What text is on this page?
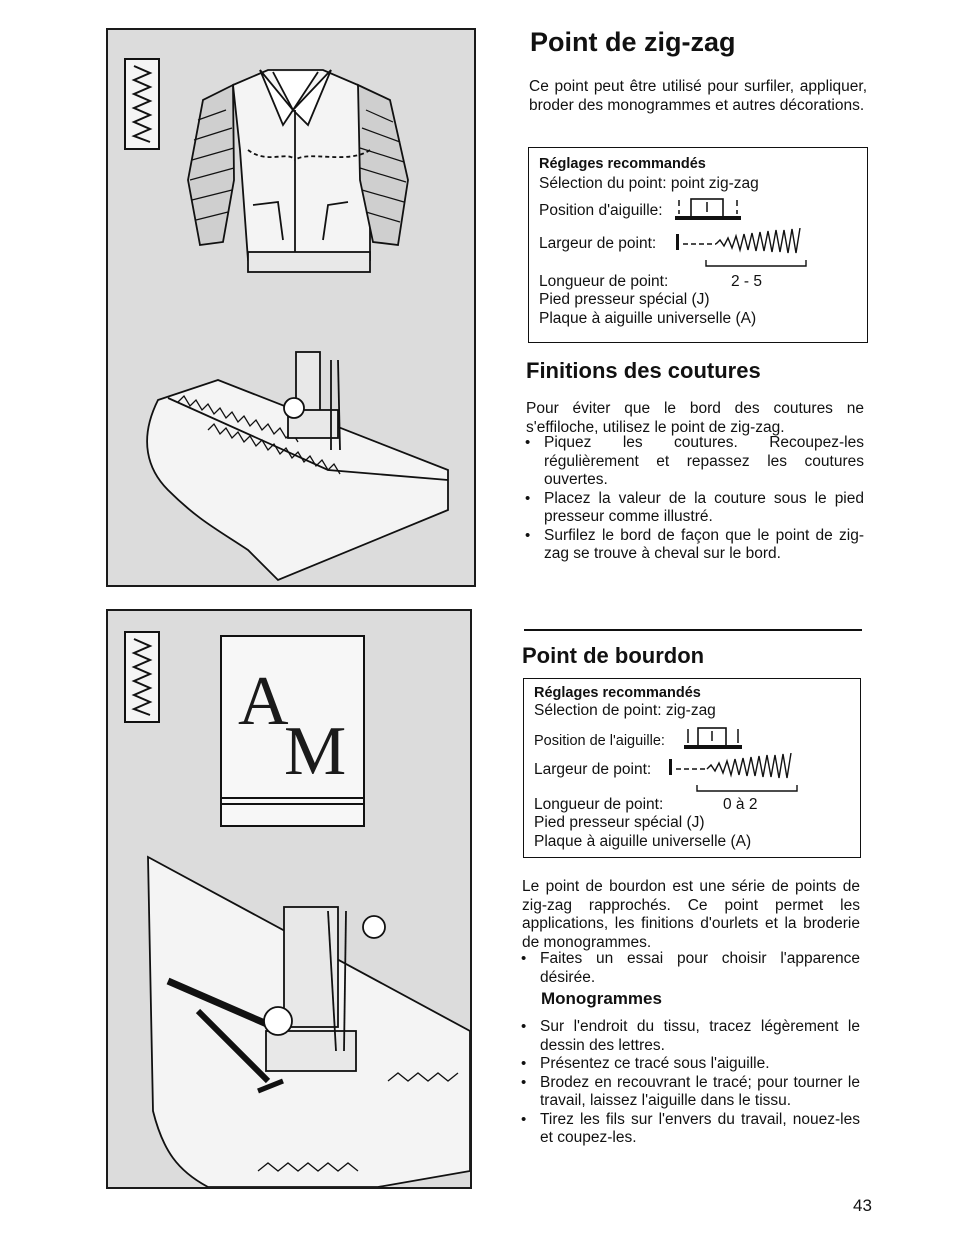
A
M
Point de zig-zag

Ce point peut être utilisé pour surfiler, appliquer, broder des monogrammes et autres décorations.

Réglages recommandés
Sélection du point: point zig-zag
Position d'aiguille:
Largeur de point:
Longueur de point:	2 - 5
Pied presseur spécial (J)
Plaque à aiguille universelle (A)
Finitions des coutures

Pour éviter que le bord des coutures ne s'effiloche, utilisez le point de zig-zag.

• Piquez les coutures. Recoupez-les régulièrement et repassez les coutures ouvertes.
• Placez la valeur de la couture sous le pied presseur comme illustré.
• Surfilez le bord de façon que le point de zig-zag se trouve à cheval sur le bord.
Point de bourdon
Réglages recommandés
Sélection de point: zig-zag
Position de l'aiguille:
Largeur de point:
Longueur de point:	0 à 2
Pied presseur spécial (J)
Plaque à aiguille universelle (A)

Le point de bourdon est une série de points de zig-zag rapprochés. Ce point permet les applications, les finitions d'ourlets et la broderie de monogrammes.

• Faites un essai pour choisir l'apparence désirée.
Monogrammes
• Sur l'endroit du tissu, tracez légèrement le dessin des lettres.
• Présentez ce tracé sous l'aiguille.
• Brodez en recouvrant le tracé; pour tourner le travail, laissez l'aiguille dans le tissu.
• Tirez les fils sur l'envers du travail, nouez-les et coupez-les.
43
